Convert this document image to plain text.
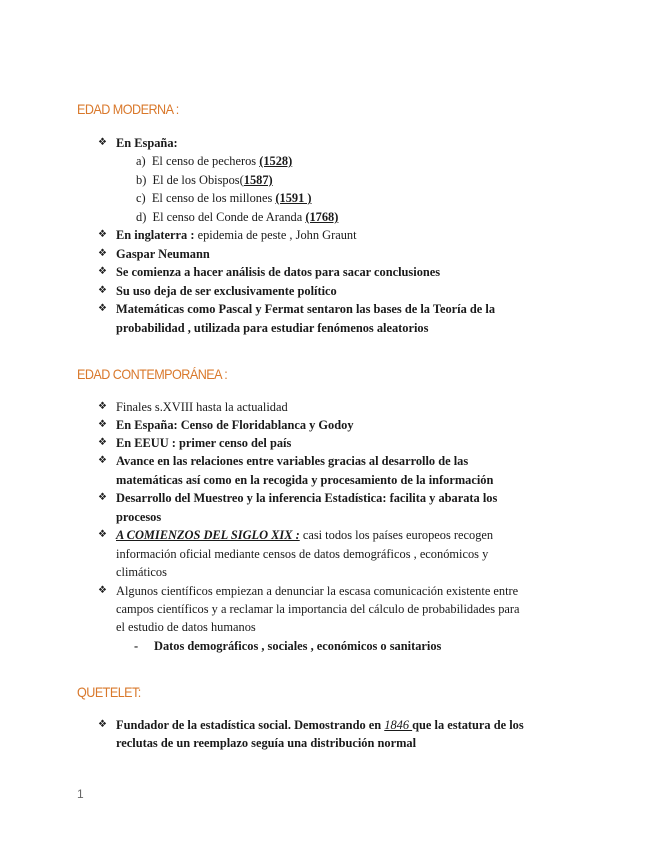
EDAD MODERNA :
❖ En España:
a) El censo de pecheros (1528)
b) El de los Obispos(1587)
c) El censo de los millones (1591 )
d) El censo del Conde de Aranda (1768)
❖ En inglaterra : epidemia de peste , John Graunt
❖ Gaspar Neumann
❖ Se comienza a hacer análisis de datos para sacar conclusiones
❖ Su uso deja de ser exclusivamente político
❖ Matemáticas como Pascal y Fermat sentaron las bases de la Teoría de la
probabilidad , utilizada para estudiar fenómenos aleatorios
EDAD CONTEMPORÁNEA :
❖ Finales s.XVIII hasta la actualidad
❖ En España: Censo de Floridablanca y Godoy
❖ En EEUU : primer censo del país
❖ Avance en las relaciones entre variables gracias al desarrollo de las
matemáticas así como en la recogida y procesamiento de la información
❖ Desarrollo del Muestreo y la inferencia Estadística: facilita y abarata los
procesos
❖ A COMIENZOS DEL SIGLO XIX : casi todos los países europeos recogen
información oficial mediante censos de datos demográficos , económicos y
climáticos
❖ Algunos científicos empiezan a denunciar la escasa comunicación existente entre
campos científicos y a reclamar la importancia del cálculo de probabilidades para
el estudio de datos humanos
- Datos demográficos , sociales , económicos o sanitarios
QUETELET:
❖ Fundador de la estadística social. Demostrando en 1846 que la estatura de los
reclutas de un reemplazo seguía una distribución normal
1
